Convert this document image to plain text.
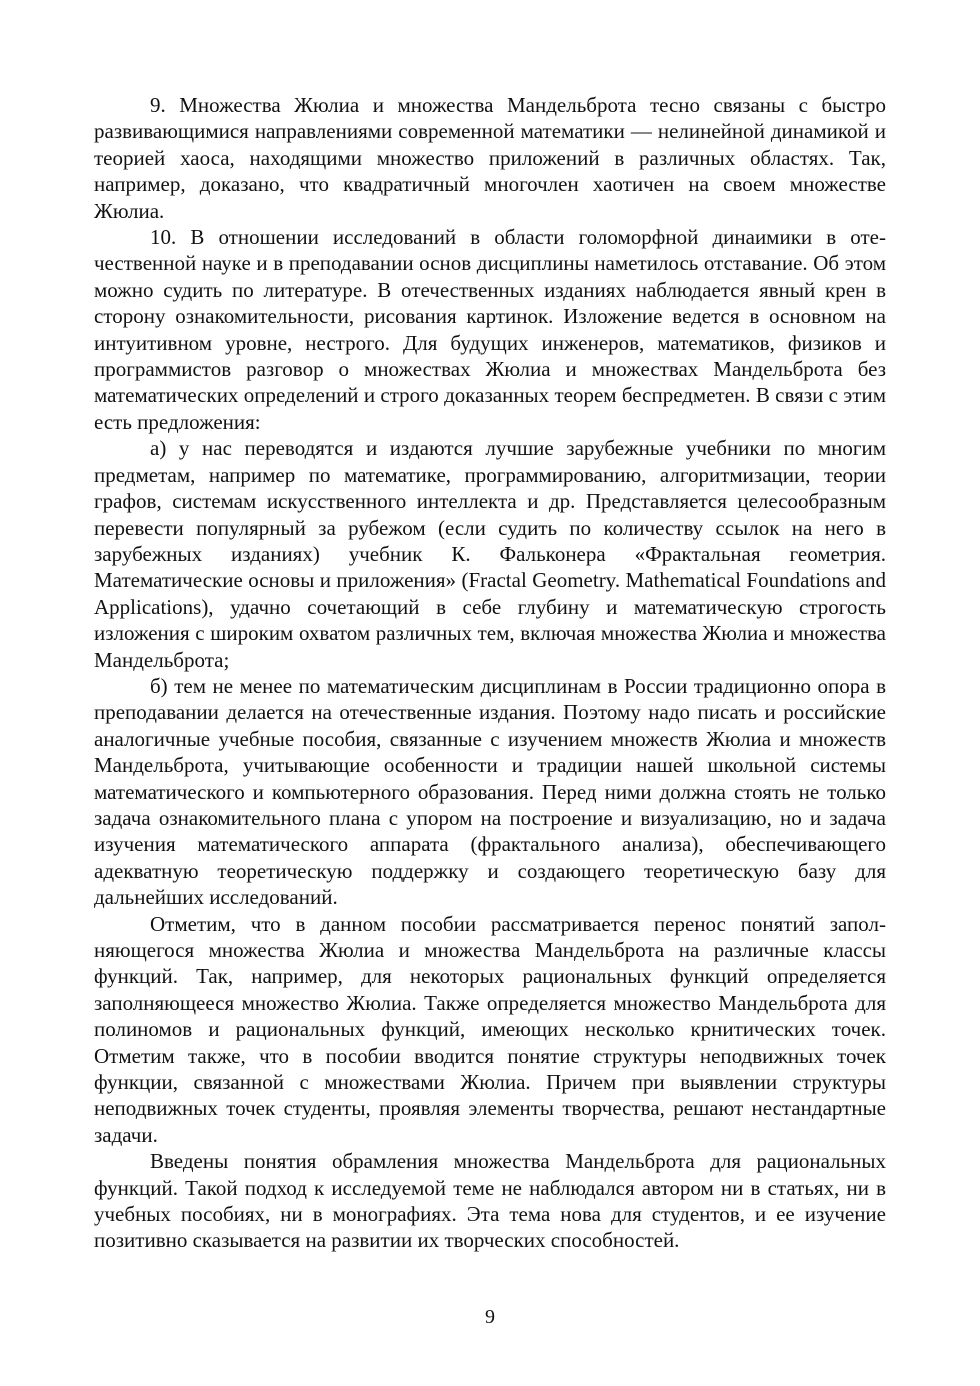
9. Множества Жюлиа и множества Мандельброта тесно связаны с быстро развивающимися направлениями современной математики — нелинейной динамикой и теорией хаоса, находящими множество приложений в различных областях. Так, например, доказано, что квадратичный многочлен хаотичен на своем множестве Жюлиа.

10. В отношении исследований в области голоморфной динаимики в отечественной науке и в преподавании основ дисциплины наметилось отставание. Об этом можно судить по литературе. В отечественных изданиях наблюдается явный крен в сторону ознакомительности, рисования картинок. Изложение ведется в основном на интуитивном уровне, нестрого. Для будущих инженеров, математиков, физиков и программистов разговор о множествах Жюлиа и множествах Мандельброта без математических определений и строго доказанных теорем беспредметен. В связи с этим есть предложения:

а) у нас переводятся и издаются лучшие зарубежные учебники по многим предметам, например по математике, программированию, алгоритмизации, теории графов, системам искусственного интеллекта и др. Представляется целесообразным перевести популярный за рубежом (если судить по количеству ссылок на него в зарубежных изданиях) учебник К. Фальконера «Фрактальная геометрия. Математические основы и приложения» (Fractal Geometry. Mathematical Foundations and Applications), удачно сочетающий в себе глубину и математическую строгость изложения с широким охватом различных тем, включая множества Жюлиа и множества Мандельброта;

б) тем не менее по математическим дисциплинам в России традиционно опора в преподавании делается на отечественные издания. Поэтому надо писать и российские аналогичные учебные пособия, связанные с изучением множеств Жюлиа и множеств Мандельброта, учитывающие особенности и традиции нашей школьной системы математического и компьютерного образования. Перед ними должна стоять не только задача ознакомительного плана с упором на построение и визуализацию, но и задача изучения математического аппарата (фрактального анализа), обеспечивающего адекватную теоретическую поддержку и создающего теоретическую базу для дальнейших исследований.

Отметим, что в данном пособии рассматривается перенос понятий заполняющегося множества Жюлиа и множества Мандельброта на различные классы функций. Так, например, для некоторых рациональных функций определяется заполняющееся множество Жюлиа. Также определяется множество Мандельброта для полиномов и рациональных функций, имеющих несколько крнитических точек. Отметим также, что в пособии вводится понятие структуры неподвижных точек функции, связанной с множествами Жюлиа. Причем при выявлении структуры неподвижных точек студенты, проявляя элементы творчества, решают нестандартные задачи.

Введены понятия обрамления множества Мандельброта для рациональных функций. Такой подход к исследуемой теме не наблюдался автором ни в статьях, ни в учебных пособиях, ни в монографиях. Эта тема нова для студентов, и ее изучение позитивно сказывается на развитии их творческих способностей.

9
